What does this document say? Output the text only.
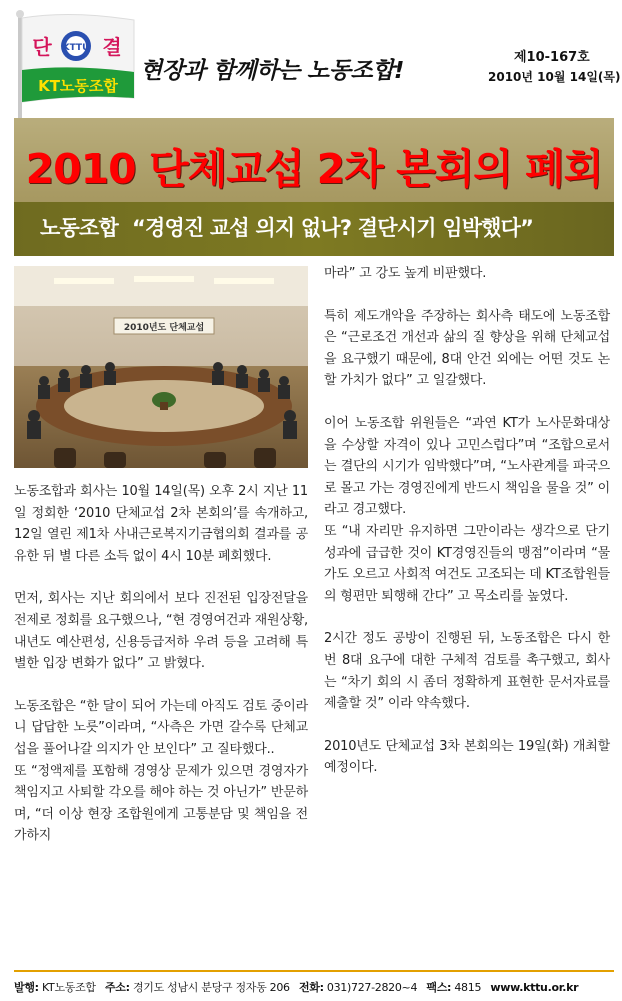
KTTU
단	결
KT노동조합
현장과 함께하는 노동조합!
제10-167호
2010년 10월 14일(목)
2010 단체교섭 2차 본회의 폐회
노동조합 “경영진 교섭 의지 없나? 결단시기 임박했다”
2010년도 단체교섭

노동조합과 회사는 10월 14일(목) 오후 2시 지난 11일 정회한 ‘2010 단체교섭 2차 본회의’를 속개하고, 12일 열린 제1차 사내근로복지기금협의회 결과를 공유한 뒤 별 다른 소득 없이 4시 10분 폐회했다.

먼저, 회사는 지난 회의에서 보다 진전된 입장전달을 전제로 정회를 요구했으나, “현 경영여건과 재원상황, 내년도 예산편성, 신용등급저하 우려 등을 고려해 특별한 입장 변화가 없다” 고 밝혔다.

노동조합은 “한 달이 되어 가는데 아직도 검토 중이라니 답답한 노릇”이라며, “사측은 가면 갈수록 단체교섭을 풀어나갈 의지가 안 보인다” 고 질타했다..

또 “정액제를 포함해 경영상 문제가 있으면 경영자가 책임지고 사퇴할 각오를 해야 하는 것 아닌가” 반문하며, “더 이상 현장 조합원에게 고통분담 및 책임을 전가하지

마라” 고 강도 높게 비판했다.

특히 제도개악을 주장하는 회사측 태도에 노동조합은 “근로조건 개선과 삶의 질 향상을 위해 단체교섭을 요구했기 때문에, 8대 안건 외에는 어떤 것도 논할 가치가 없다” 고 일갈했다.

이어 노동조합 위원들은 “과연 KT가 노사문화대상을 수상할 자격이 있나 고민스럽다”며 “조합으로서는 결단의 시기가 임박했다”며, “노사관계를 파국으로 몰고 가는 경영진에게 반드시 책임을 물을 것” 이라고 경고했다.

또 “내 자리만 유지하면 그만이라는 생각으로 단기성과에 급급한 것이 KT경영진들의 맹점”이라며 “물가도 오르고 사회적 여건도 고조되는 데 KT조합원들의 형편만 퇴행해 간다” 고 목소리를 높였다.

2시간 정도 공방이 진행된 뒤, 노동조합은 다시 한번 8대 요구에 대한 구체적 검토를 촉구했고, 회사는 “차기 회의 시 좀더 정확하게 표현한 문서자료를 제출할 것” 이라 약속했다.

2010년도 단체교섭 3차 본회의는 19일(화) 개최할 예정이다.

발행: KT노동조합 주소: 경기도 성남시 분당구 정자동 206 전화: 031)727-2820~4 팩스: 4815 www.kttu.or.kr
